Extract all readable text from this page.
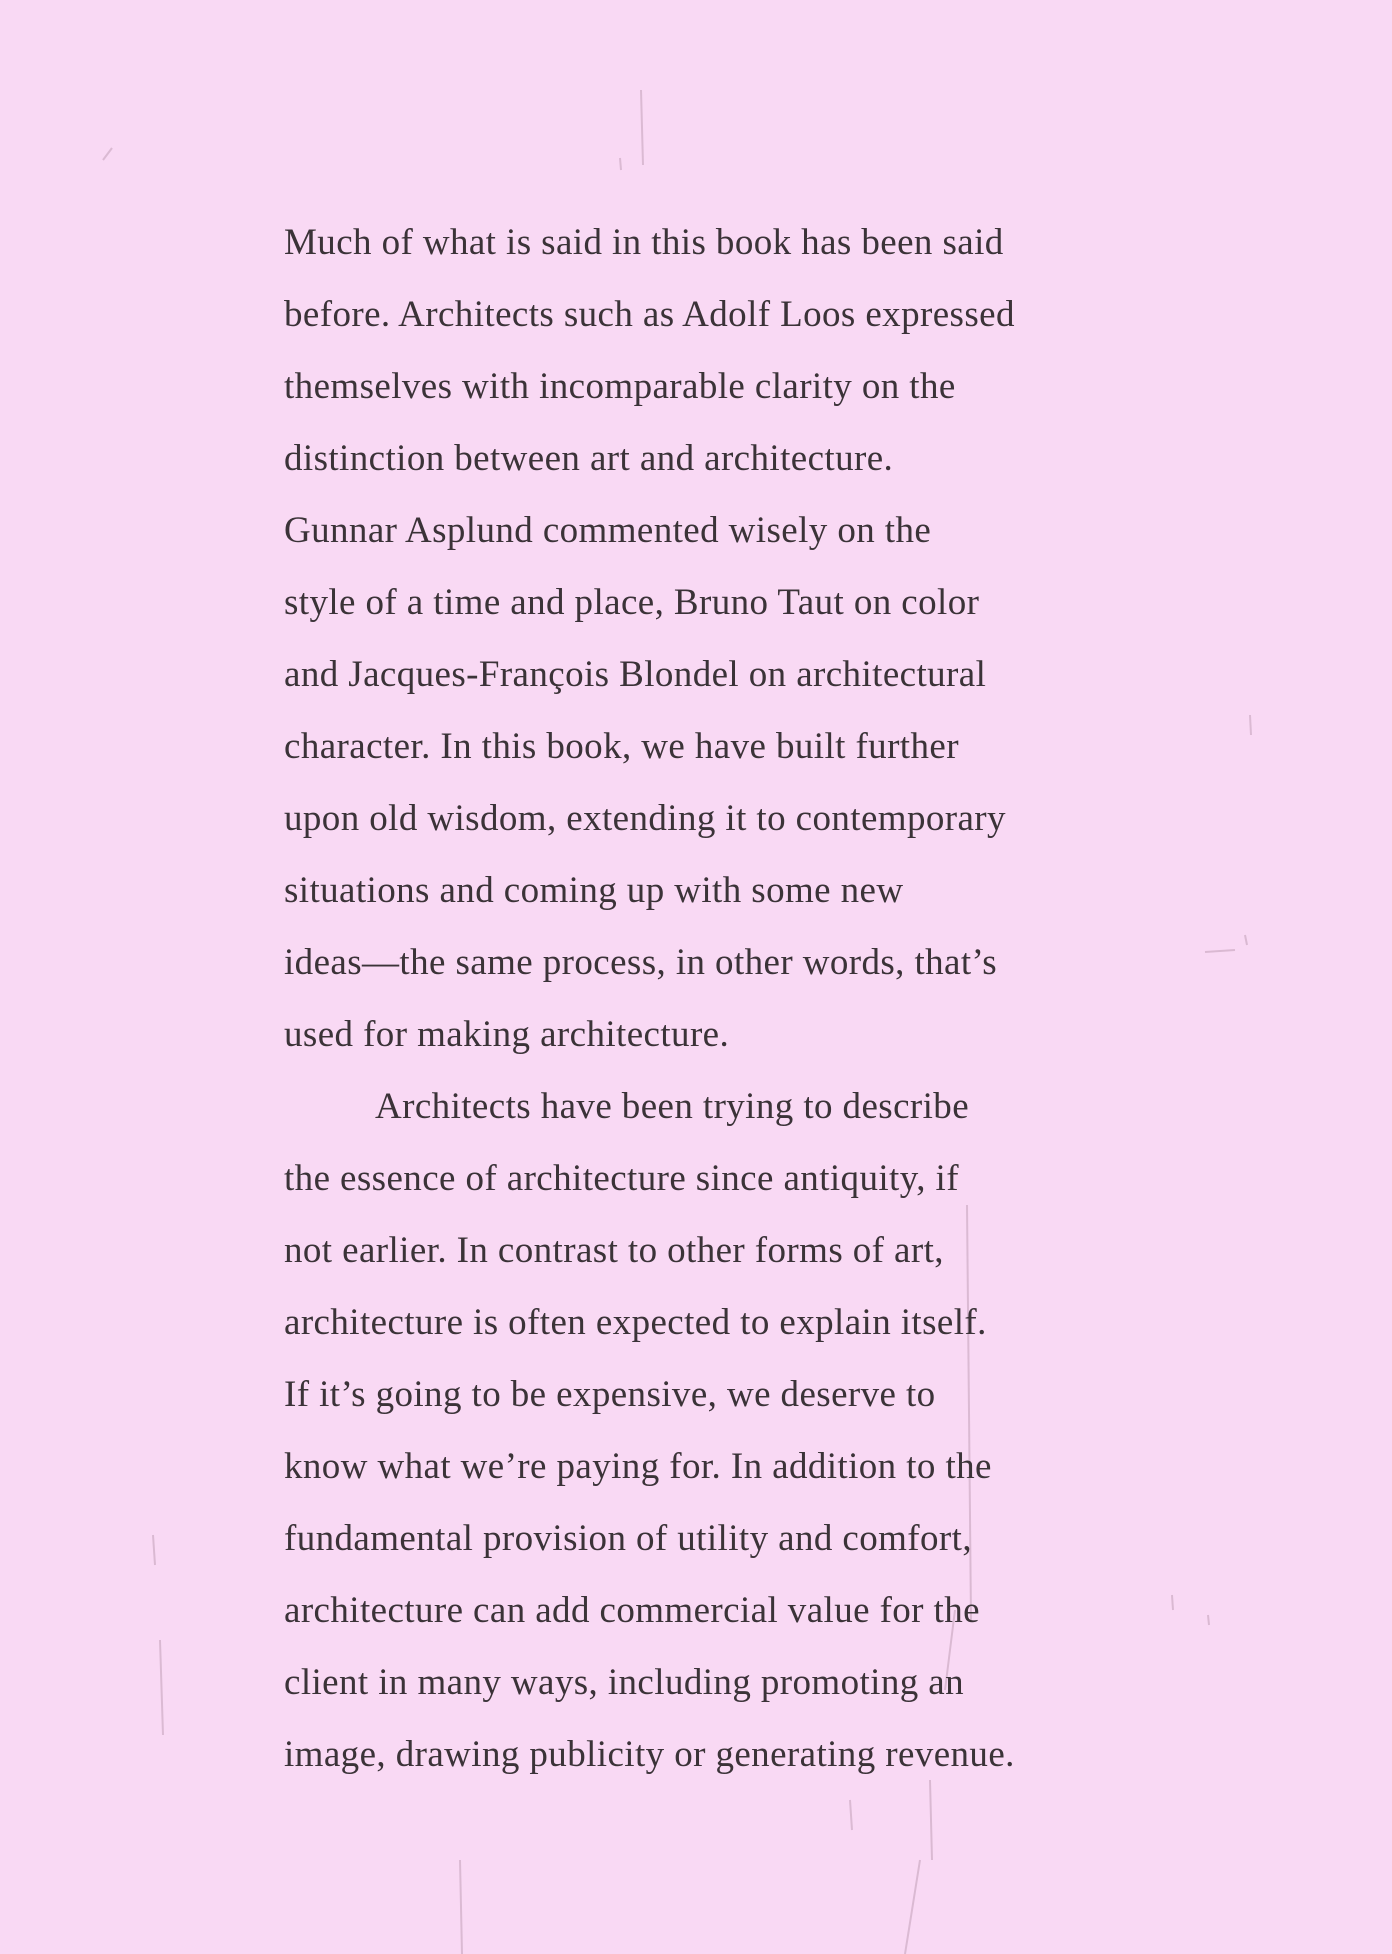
Much of what is said in this book has been said
before. Architects such as Adolf Loos expressed
themselves with incomparable clarity on the
distinction between art and architecture.
Gunnar Asplund commented wisely on the
style of a time and place, Bruno Taut on color
and Jacques-François Blondel on architectural
character. In this book, we have built further
upon old wisdom, extending it to contemporary
situations and coming up with some new
ideas—the same process, in other words, that’s
used for making architecture.
Architects have been trying to describe
the essence of architecture since antiquity, if
not earlier. In contrast to other forms of art,
architecture is often expected to explain itself.
If it’s going to be expensive, we deserve to
know what we’re paying for. In addition to the
fundamental provision of utility and comfort,
architecture can add commercial value for the
client in many ways, including promoting an
image, drawing publicity or generating revenue.
